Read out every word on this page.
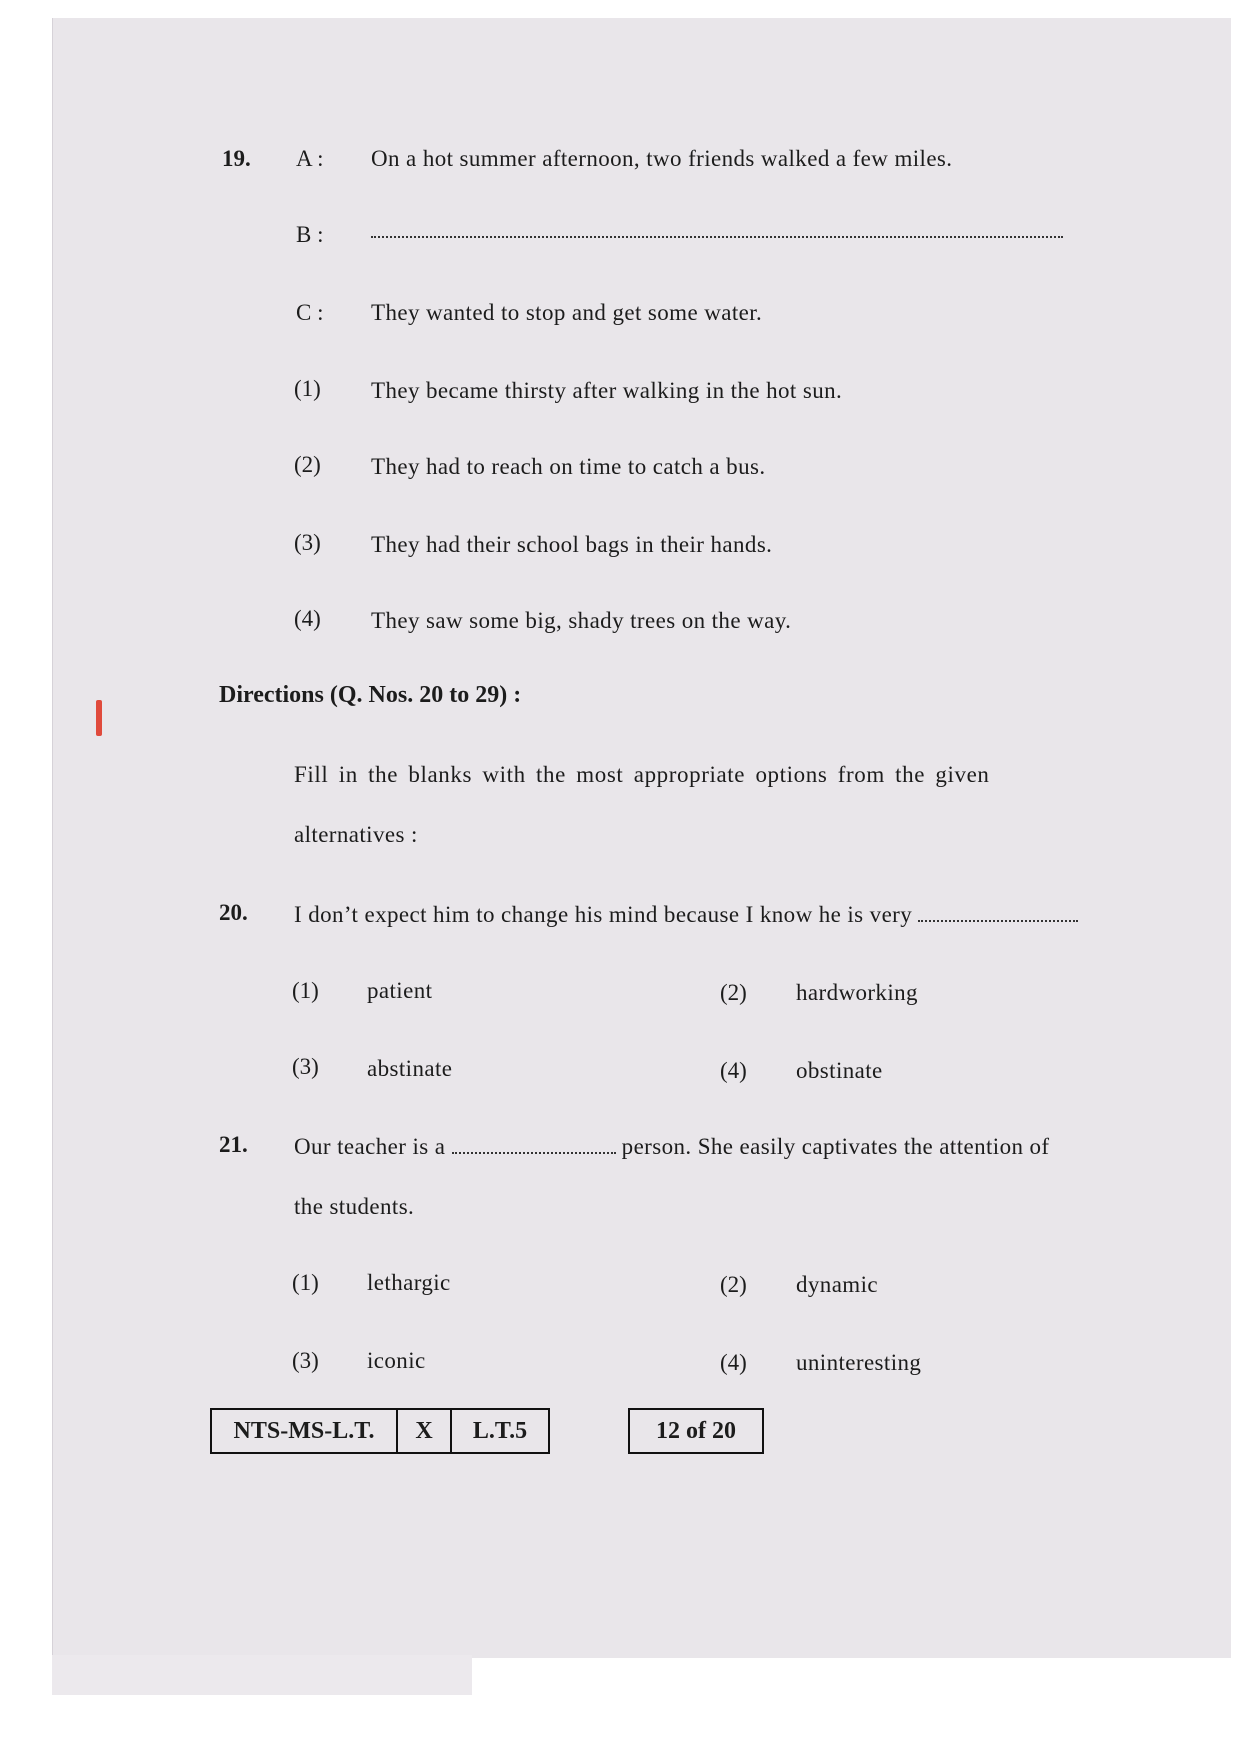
19. A : On a hot summer afternoon, two friends walked a few miles.
B :
C : They wanted to stop and get some water.
(1) They became thirsty after walking in the hot sun.
(2) They had to reach on time to catch a bus.
(3) They had their school bags in their hands.
(4) They saw some big, shady trees on the way.
Directions (Q. Nos. 20 to 29) :
Fill in the blanks with the most appropriate options from the given
alternatives :
20. I don’t expect him to change his mind because I know he is very
(1) patient	(2) hardworking
(3) abstinate	(4) obstinate
21. Our teacher is a	person. She easily captivates the attention of
the students.
(1) lethargic	(2) dynamic
(3) iconic	(4) uninteresting
NTS-MS-L.T.	X	L.T.5	12 of 20
